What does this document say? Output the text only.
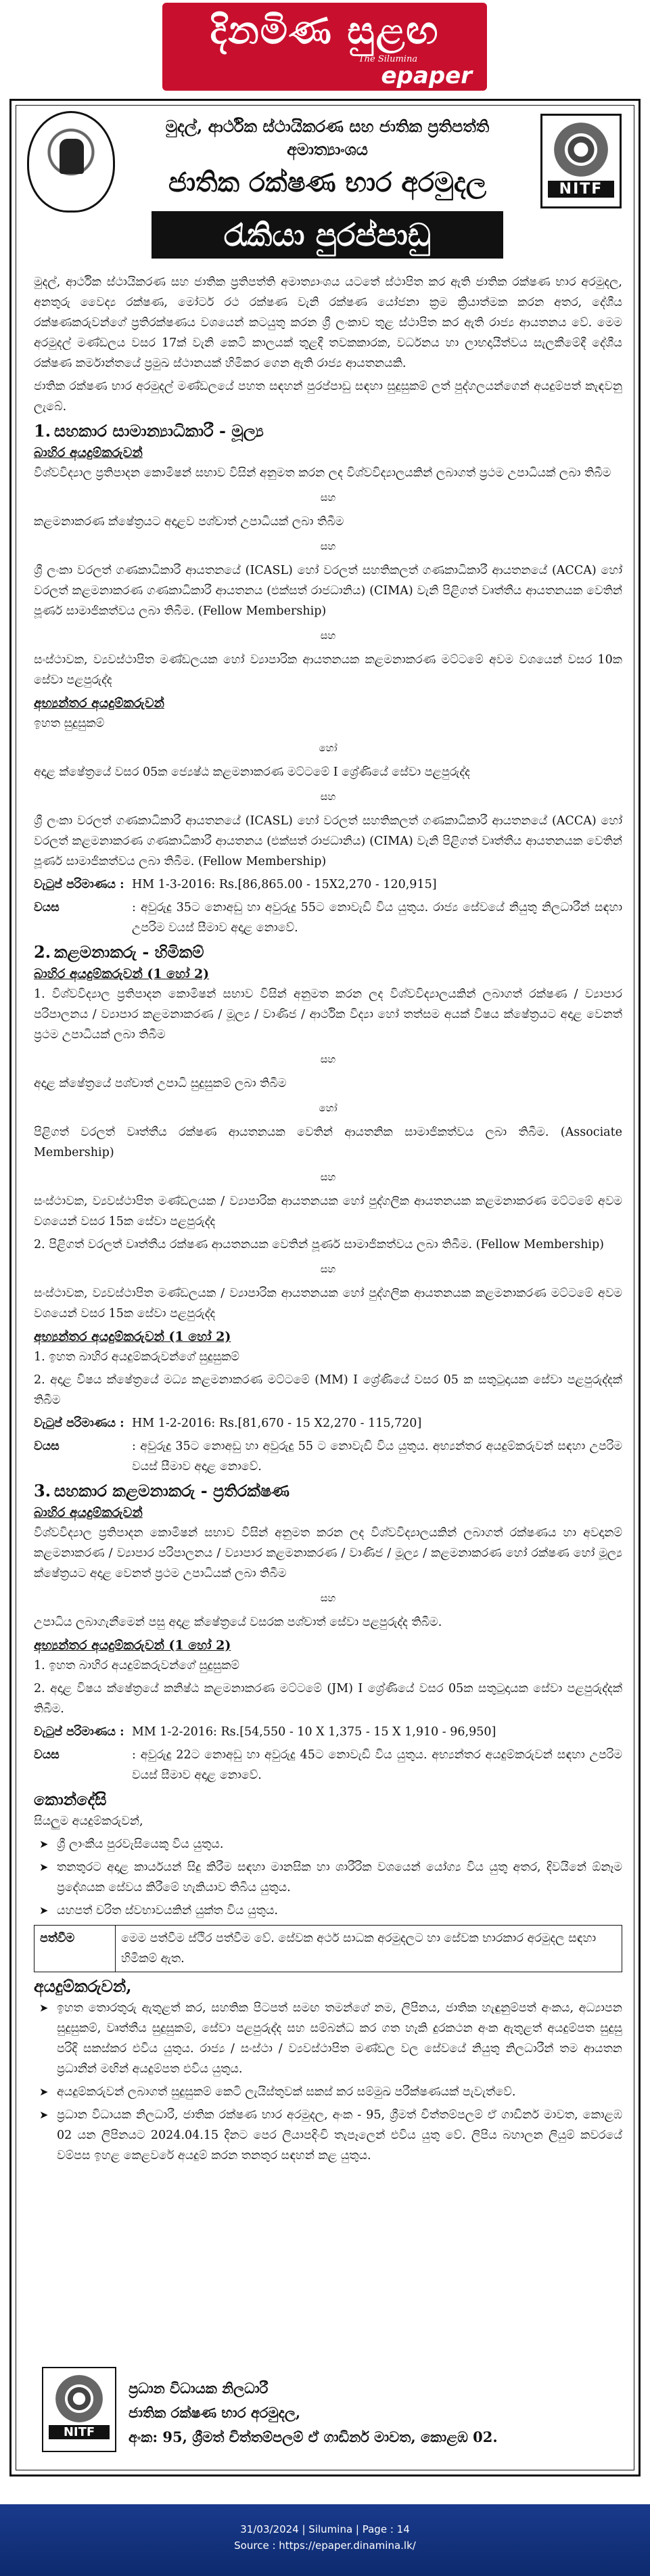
දිනමිණ සුළඟ
The Silumina
epaper
මුදල්, ආර්ථික ස්ථායිකරණ සහ ජාතික ප්‍රතිපත්ති අමාත්‍යාංශය
ජාතික රක්ෂණ භාර අරමුදල	NITF
රැකියා පුරප්පාඩු
මුදල්, ආර්ථික ස්ථායිකරණ සහ ජාතික ප්‍රතිපත්ති අමාත්‍යාංශය යටතේ ස්ථාපිත කර ඇති ජාතික රක්ෂණ භාර අරමුදල, අනතුරු වෛද්‍ය රක්ෂණ, මෝටර් රථ රක්ෂණ වැනි රක්ෂණ යෝජනා ක්‍රම ක්‍රියාත්මක කරන අතර, දේශීය රක්ෂණකරුවන්ගේ ප්‍රතිරක්ෂණය වශයෙන් කටයුතු කරන ශ්‍රී ලංකාව තුළ ස්ථාපිත කර ඇති රාජ්‍ය ආයතනය වේ. මෙම අරමුදල් මණ්ඩලය වසර 17ක් වැනි කෙටි කාලයක් තුළදී තවකකාරක, වර්ධනය හා ලාභදායීත්වය සැලකීමේදී දේශීය රක්ෂණ කර්මාන්තයේ ප්‍රමුඛ ස්ථානයක් හිමිකර ගෙන ඇති රාජ්‍ය ආයතනයකි.
ජාතික රක්ෂණ භාර අරමුදල් මණ්ඩලයේ පහත සඳහන් පුරප්පාඩු සඳහා සුදුසුකම් ලත් පුද්ගලයන්ගෙන් අයදුම්පත් කැඳවනු ලැබේ.
1. සහකාර සාමාන්‍යාධිකාරී - මූල්‍ය
බාහිර අයදුම්කරුවන්
විශ්වවිද්‍යාල ප්‍රතිපාදන කොමිෂන් සභාව විසින් අනුමත කරන ලද විශ්වවිද්‍යාලයකින් ලබාගත් ප්‍රථම උපාධියක් ලබා තිබීම
සහ
කළමනාකරණ ක්ෂේත්‍රයට අදාළව පශ්චාත් උපාධියක් ලබා තිබීම
සහ
ශ්‍රී ලංකා වරලත් ගණකාධිකාරී ආයතනයේ (ICASL) හෝ වරලත් සහතිකලත් ගණකාධිකාරී ආයතනයේ (ACCA) හෝ වරලත් කළමනාකරණ ගණකාධිකාරී ආයතනය (එක්සත් රාජධානිය) (CIMA) වැනි පිළිගත් වෘත්තීය ආයතනයක වෙතින් පූර්ණ සාමාජිකත්වය ලබා තිබීම. (Fellow Membership)
සහ
සංස්ථාවක, ව්‍යවස්ථාපිත මණ්ඩලයක හෝ ව්‍යාපාරික ආයතනයක කළමනාකරණ මට්ටමේ අවම වශයෙන් වසර 10ක සේවා පළපුරුද්ද
අභ්‍යන්තර අයදුම්කරුවන්
ඉහත සුදුසුකම්
හෝ
අදාළ ක්ෂේත්‍රයේ වසර 05ක ජ්‍යෙෂ්ඨ කළමනාකරණ මට්ටමේ I ශ්‍රේණියේ සේවා පළපුරුද්ද
සහ
ශ්‍රී ලංකා වරලත් ගණකාධිකාරී ආයතනයේ (ICASL) හෝ වරලත් සහතිකලත් ගණකාධිකාරී ආයතනයේ (ACCA) හෝ වරලත් කළමනාකරණ ගණකාධිකාරී ආයතනය (එක්සත් රාජධානිය) (CIMA) වැනි පිළිගත් වෘත්තීය ආයතනයක වෙතින් පූර්ණ සාමාජිකත්වය ලබා තිබීම. (Fellow Membership)
වැටුප් පරිමාණය : HM 1-3-2016: Rs.[86,865.00 - 15X2,270 - 120,915]
වයස	: අවුරුදු 35ට නොඅඩු හා අවුරුදු 55ට නොවැඩි විය යුතුය. රාජ්‍ය සේවයේ නියුතු නිලධාරීන් සඳහා උපරිම වයස් සීමාව අදාළ නොවේ.
2. කළමනාකරු - හිමිකම්
බාහිර අයදුම්කරුවන් (1 හෝ 2)
1. විශ්වවිද්‍යාල ප්‍රතිපාදන කොමිෂන් සභාව විසින් අනුමත කරන ලද විශ්වවිද්‍යාලයකින් ලබාගත් රක්ෂණ / ව්‍යාපාර පරිපාලනය / ව්‍යාපාර කළමනාකරණ / මූල්‍ය / වාණිජ / ආර්ථික විද්‍යා හෝ තත්සම අයක් විෂය ක්ෂේත්‍රයට අදාළ වෙනත් ප්‍රථම උපාධියක් ලබා තිබීම
සහ
අදාළ ක්ෂේත්‍රයේ පශ්චාත් උපාධි සුදුසුකම් ලබා තිබීම
හෝ
පිළිගත් වරලත් වෘත්තීය රක්ෂණ ආයතනයක වෙතින් ආයතනික සාමාජිකත්වය ලබා තිබීම. (Associate Membership)
සහ
සංස්ථාවක, ව්‍යවස්ථාපිත මණ්ඩලයක / ව්‍යාපාරික ආයතනයක හෝ පුද්ගලික ආයතනයක කළමනාකරණ මට්ටමේ අවම වශයෙන් වසර 15ක සේවා පළපුරුද්ද
2. පිළිගත් වරලත් වෘත්තීය රක්ෂණ ආයතනයක වෙතින් පූර්ණ සාමාජිකත්වය ලබා තිබීම. (Fellow Membership)
සහ
සංස්ථාවක, ව්‍යවස්ථාපිත මණ්ඩලයක / ව්‍යාපාරික ආයතනයක හෝ පුද්ගලික ආයතනයක කළමනාකරණ මට්ටමේ අවම වශයෙන් වසර 15ක සේවා පළපුරුද්ද
අභ්‍යන්තර අයදුම්කරුවන් (1 හෝ 2)
1. ඉහත බාහිර අයදුම්කරුවන්ගේ සුදුසුකම්
2. අදාළ විෂය ක්ෂේත්‍රයේ මධ්‍ය කළමනාකරණ මට්ටමේ (MM) I ශ්‍රේණියේ වසර 05 ක සතුටුදායක සේවා පළපුරුද්දක් තිබීම
වැටුප් පරිමාණය : HM 1-2-2016: Rs.[81,670 - 15 X2,270 - 115,720]
වයස	: අවුරුදු 35ට නොඅඩු හා අවුරුදු 55 ට නොවැඩි විය යුතුය. අභ්‍යන්තර අයදුම්කරුවන් සඳහා උපරිම වයස් සීමාව අදාළ නොවේ.
3. සහකාර කළමනාකරු - ප්‍රතිරක්ෂණ
බාහිර අයදුම්කරුවන්
විශ්වවිද්‍යාල ප්‍රතිපාදන කොමිෂන් සභාව විසින් අනුමත කරන ලද විශ්වවිද්‍යාලයකින් ලබාගත් රක්ෂණය හා අවදානම් කළමනාකරණ / ව්‍යාපාර පරිපාලනය / ව්‍යාපාර කළමනාකරණ / වාණිජ / මූල්‍ය / කළමනාකරණ හෝ රක්ෂණ හෝ මූල්‍ය ක්ෂේත්‍රයට අදාළ වෙනත් ප්‍රථම උපාධියක් ලබා තිබීම
සහ
උපාධිය ලබාගැනීමෙන් පසු අදාළ ක්ෂේත්‍රයේ වසරක පශ්චාත් සේවා පළපුරුද්ද තිබීම.
අභ්‍යන්තර අයදුම්කරුවන් (1 හෝ 2)
1. ඉහත බාහිර අයදුම්කරුවන්ගේ සුදුසුකම්
2. අදාළ විෂය ක්ෂේත්‍රයේ කනිෂ්ඨ කළමනාකරණ මට්ටමේ (JM) I ශ්‍රේණියේ වසර 05ක සතුටුදායක සේවා පළපුරුද්දක් තිබීම.
වැටුප් පරිමාණය : MM 1-2-2016: Rs.[54,550 - 10 X 1,375 - 15 X 1,910 - 96,950]
වයස	: අවුරුදු 22ට නොඅඩු හා අවුරුදු 45ට නොවැඩි විය යුතුය. අභ්‍යන්තර අයදුම්කරුවන් සඳහා උපරිම වයස් සීමාව අදාළ නොවේ.
කොන්දේසි
සියලුම අයදුම්කරුවන්,
➤ ශ්‍රී ලාංකීය පුරවැසියෙකු විය යුතුය.
➤ තනතුරට අදාළ කාර්යයන් සිදු කිරීම සඳහා මානසික හා ශාරීරික වශයෙන් යෝග්‍ය විය යුතු අතර, දිවයිනේ ඕනෑම ප්‍රදේශයක සේවය කිරීමේ හැකියාව තිබිය යුතුය.
➤ යහපත් චරිත ස්වභාවයකින් යුක්ත විය යුතුය.
පත්වීම	මෙම පත්වීම ස්ථිර පත්වීම වේ. සේවක අර්ථ සාධක අරමුදලට හා සේවක භාරකාර අරමුදල සඳහා හිමිකම් ඇත.
අයදුම්කරුවන්,
➤ ඉහත තොරතුරු ඇතුළත් කර, සහතික පිටපත් සමඟ තමන්ගේ නම, ලිපිනය, ජාතික හැඳුනුම්පත් අංකය, අධ්‍යාපන සුදුසුකම්, වෘත්තීය සුදුසුකම්, සේවා පළපුරුද්ද සහ සම්බන්ධ කර ගත හැකි දුරකථන අංක ඇතුළත් අයදුම්පත සුදුසු පරිදි සකස්කර එවිය යුතුය. රාජ්‍ය / සංස්ථා / ව්‍යවස්ථාපිත මණ්ඩල වල සේවයේ නියුතු නිලධාරීන් තම ආයතන ප්‍රධානීන් මඟින් අයදුම්පත එවිය යුතුය.
➤ අයදුම්කරුවන් ලබාගත් සුදුසුකම් කෙටි ලැයිස්තුවක් සකස් කර සම්මුඛ පරීක්ෂණයක් පැවැත්වේ.
➤ ප්‍රධාන විධායක නිලධාරී, ජාතික රක්ෂණ භාර අරමුදල, අංක - 95, ශ්‍රීමත් චිත්තම්පලම් ඒ ගාඩිනර් මාවත, කොළඹ 02 යන ලිපිනයට 2024.04.15 දිනට පෙර ලියාපදිංචි තැපෑලෙන් එවිය යුතු වේ. ලිපිය බහාලන ලියුම් කවරයේ වම්පස ඉහළ කෙළවරේ අයදුම් කරන තනතුර සඳහන් කළ යුතුය.
NITF
ප්‍රධාන විධායක නිලධාරී
ජාතික රක්ෂණ භාර අරමුදල,
අංක: 95, ශ්‍රීමත් චිත්තම්පලම් ඒ ගාඩිනර් මාවත, කොළඹ 02.
31/03/2024 | Silumina | Page : 14
Source : https://epaper.dinamina.lk/
